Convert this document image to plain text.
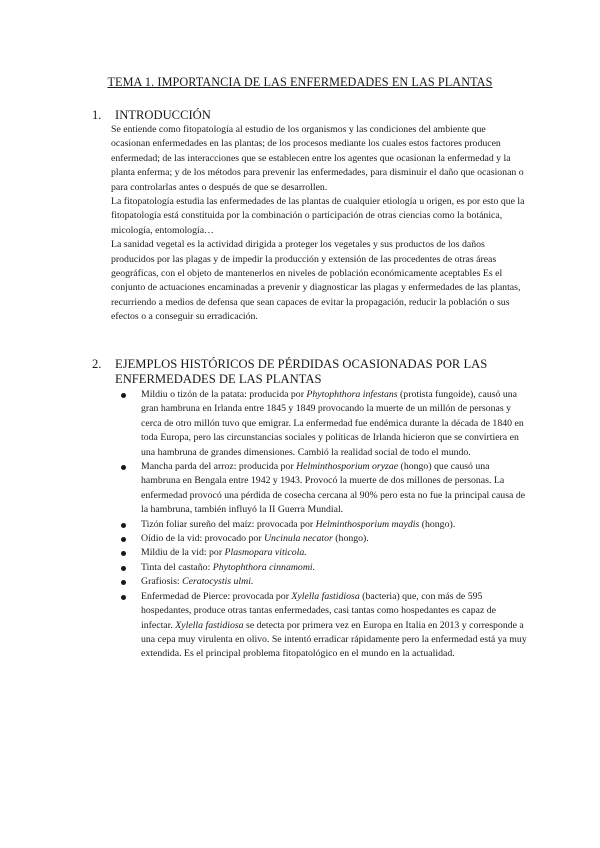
TEMA 1. IMPORTANCIA DE LAS ENFERMEDADES EN LAS PLANTAS
1. INTRODUCCIÓN

Se entiende como fitopatología al estudio de los organismos y las condiciones del ambiente que ocasionan enfermedades en las plantas; de los procesos mediante los cuales estos factores producen enfermedad; de las interacciones que se establecen entre los agentes que ocasionan la enfermedad y la planta enferma; y de los métodos para prevenir las enfermedades, para disminuir el daño que ocasionan o para controlarlas antes o después de que se desarrollen.

La fitopatología estudia las enfermedades de las plantas de cualquier etiología u origen, es por esto que la fitopatología está constituida por la combinación o participación de otras ciencias como la botánica, micología, entomología…

La sanidad vegetal es la actividad dirigida a proteger los vegetales y sus productos de los daños producidos por las plagas y de impedir la producción y extensión de las procedentes de otras áreas geográficas, con el objeto de mantenerlos en niveles de población económicamente aceptables Es el conjunto de actuaciones encaminadas a prevenir y diagnosticar las plagas y enfermedades de las plantas, recurriendo a medios de defensa que sean capaces de evitar la propagación, reducir la población o sus efectos o a conseguir su erradicación.

2. EJEMPLOS HISTÓRICOS DE PÉRDIDAS OCASIONADAS POR LAS
ENFERMEDADES DE LAS PLANTAS
Mildiu o tizón de la patata: producida por Phytophthora infestans (protista fungoide), causó una gran hambruna en Irlanda entre 1845 y 1849 provocando la muerte de un millón de personas y cerca de otro millón tuvo que emigrar. La enfermedad fue endémica durante la década de 1840 en toda Europa, pero las circunstancias sociales y políticas de Irlanda hicieron que se convirtiera en una hambruna de grandes dimensiones. Cambió la realidad social de todo el mundo.
Mancha parda del arroz: producida por Helminthosporium oryzae (hongo) que causó una hambruna en Bengala entre 1942 y 1943. Provocó la muerte de dos millones de personas. La enfermedad provocó una pérdida de cosecha cercana al 90% pero esta no fue la principal causa de la hambruna, también influyó la II Guerra Mundial.
Tizón foliar sureño del maíz: provocada por Helminthosporium maydis (hongo).
Oídio de la vid: provocado por Uncinula necator (hongo).
Mildiu de la vid: por Plasmopara viticola.
Tinta del castaño: Phytophthora cinnamomi.
Grafiosis: Ceratocystis ulmi.
Enfermedad de Pierce: provocada por Xylella fastidiosa (bacteria) que, con más de 595 hospedantes, produce otras tantas enfermedades, casi tantas como hospedantes es capaz de infectar. Xylella fastidiosa se detecta por primera vez en Europa en Italia en 2013 y corresponde a una cepa muy virulenta en olivo. Se intentó erradicar rápidamente pero la enfermedad está ya muy extendida. Es el principal problema fitopatológico en el mundo en la actualidad.
